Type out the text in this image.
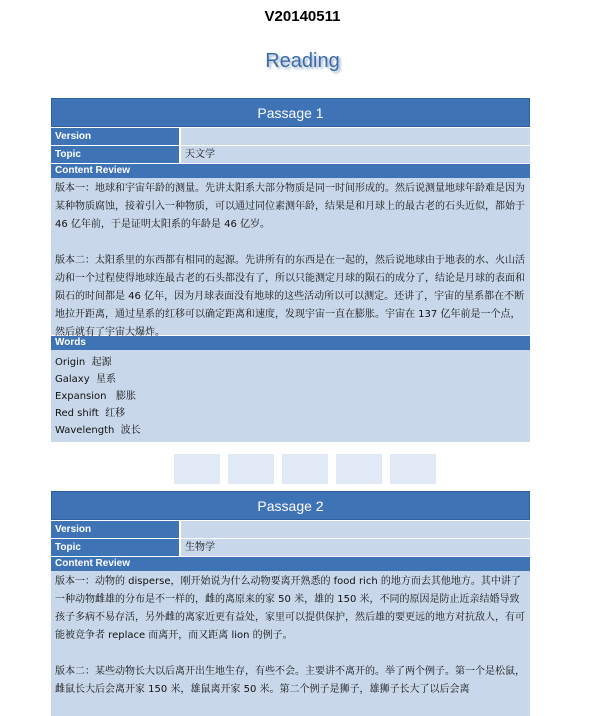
V20140511
Reading
Passage 1
Version
Topic	天文学
Content Review

版本一：地球和宇宙年龄的测量。先讲太阳系大部分物质是同一时间形成的。然后说测量地球年龄难是因为某种物质腐蚀，接着引入一种物质，可以通过同位素测年龄，结果是和月球上的最古老的石头近似，都始于 46 亿年前，于是证明太阳系的年龄是 46 亿岁。

版本二：太阳系里的东西都有相同的起源。先讲所有的东西是在一起的，然后说地球由于地表的水、火山活动和一个过程使得地球连最古老的石头都没有了，所以只能测定月球的陨石的成分了，结论是月球的表面和陨石的时间都是 46 亿年，因为月球表面没有地球的这些活动所以可以测定。还讲了，宇宙的星系都在不断地拉开距离，通过星系的红移可以确定距离和速度，发现宇宙一直在膨胀。宇宙在 137 亿年前是一个点，然后就有了宇宙大爆炸。

Words
Origin  起源
Galaxy  星系
Expansion   膨胀
Red shift  红移
Wavelength  波长
Passage 2
Version
Topic	生物学
Content Review

版本一：动物的 disperse，刚开始说为什么动物要离开熟悉的 food rich 的地方而去其他地方。其中讲了一种动物雌雄的分布是不一样的，雌的离原来的家 50 米，雄的 150 米，不同的原因是防止近亲结婚导致孩子多病不易存活，另外雌的离家近更有益处，家里可以提供保护，然后雄的要更远的地方对抗敌人，有可能被竞争者 replace 而离开，而又距离 lion 的例子。

版本二：某些动物长大以后离开出生地生存，有些不会。主要讲不离开的。举了两个例子。第一个是松鼠，雌鼠长大后会离开家 150 米，雄鼠离开家 50 米。第二个例子是狮子，雄狮子长大了以后会离
